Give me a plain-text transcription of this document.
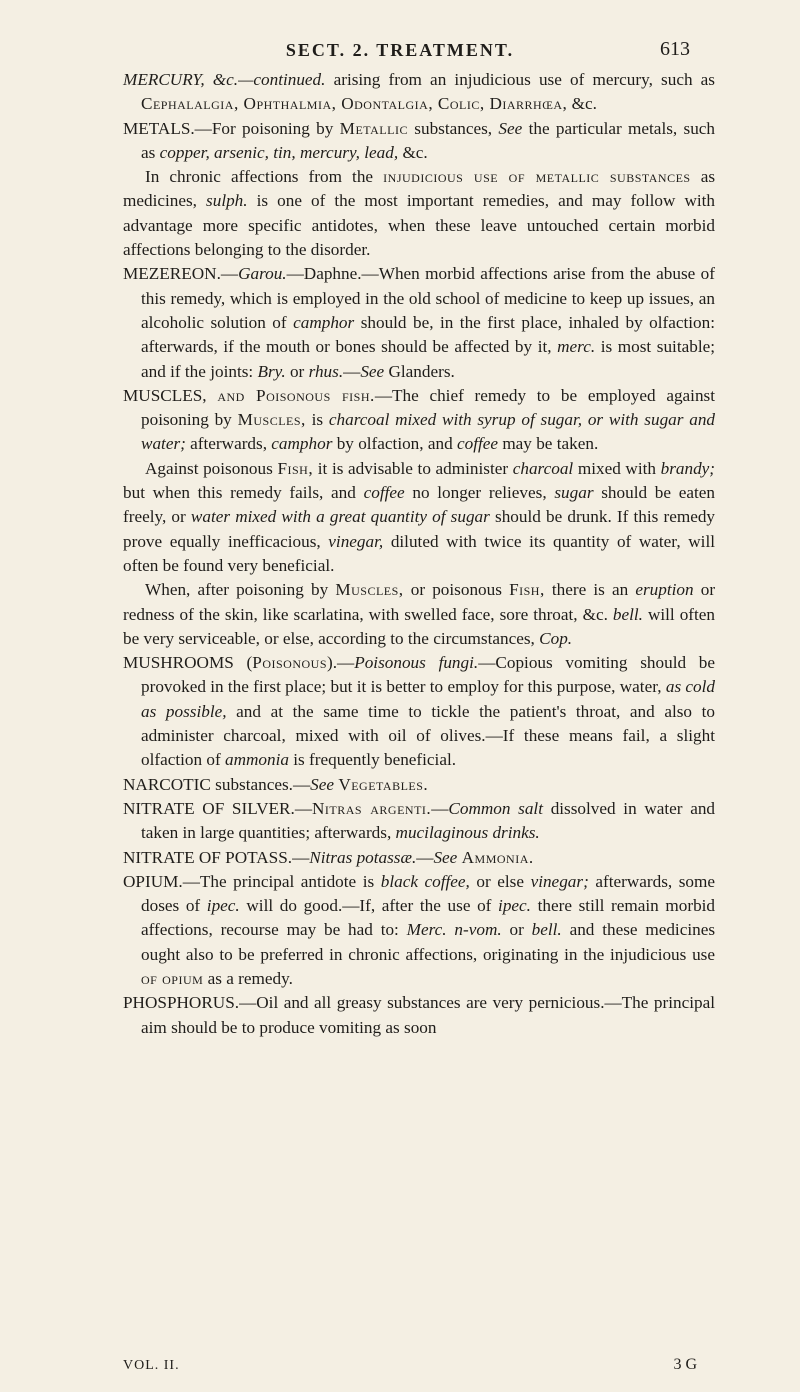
SECT. 2. TREATMENT.	613

MERCURY, &c.—continued. arising from an injudicious use of mercury, such as Cephalalgia, Ophthalmia, Odontalgia, Colic, Diarrhœa, &c.

METALS.—For poisoning by Metallic substances, See the particular metals, such as copper, arsenic, tin, mercury, lead, &c.

In chronic affections from the injudicious use of metallic substances as medicines, sulph. is one of the most important remedies, and may follow with advantage more specific antidotes, when these leave untouched certain morbid affections belonging to the disorder.

MEZEREON.—Garou.—Daphne.—When morbid affections arise from the abuse of this remedy, which is employed in the old school of medicine to keep up issues, an alcoholic solution of camphor should be, in the first place, inhaled by olfaction: afterwards, if the mouth or bones should be affected by it, merc. is most suitable; and if the joints: Bry. or rhus.—See Glanders.

MUSCLES, and Poisonous fish.—The chief remedy to be employed against poisoning by Muscles, is charcoal mixed with syrup of sugar, or with sugar and water; afterwards, camphor by olfaction, and coffee may be taken.

Against poisonous Fish, it is advisable to administer charcoal mixed with brandy; but when this remedy fails, and coffee no longer relieves, sugar should be eaten freely, or water mixed with a great quantity of sugar should be drunk. If this remedy prove equally inefficacious, vinegar, diluted with twice its quantity of water, will often be found very beneficial.

When, after poisoning by Muscles, or poisonous Fish, there is an eruption or redness of the skin, like scarlatina, with swelled face, sore throat, &c. bell. will often be very serviceable, or else, according to the circumstances, Cop.

MUSHROOMS (Poisonous).—Poisonous fungi.—Copious vomiting should be provoked in the first place; but it is better to employ for this purpose, water, as cold as possible, and at the same time to tickle the patient's throat, and also to administer charcoal, mixed with oil of olives.—If these means fail, a slight olfaction of ammonia is frequently beneficial.

NARCOTIC substances.—See Vegetables.

NITRATE OF SILVER.—Nitras argenti.—Common salt dissolved in water and taken in large quantities; afterwards, mucilaginous drinks.

NITRATE OF POTASS.—Nitras potassæ.—See Ammonia.

OPIUM.—The principal antidote is black coffee, or else vinegar; afterwards, some doses of ipec. will do good.—If, after the use of ipec. there still remain morbid affections, recourse may be had to: Merc. n-vom. or bell. and these medicines ought also to be preferred in chronic affections, originating in the injudicious use of opium as a remedy.

PHOSPHORUS.—Oil and all greasy substances are very pernicious.—The principal aim should be to produce vomiting as soon

VOL. II.	3 G
